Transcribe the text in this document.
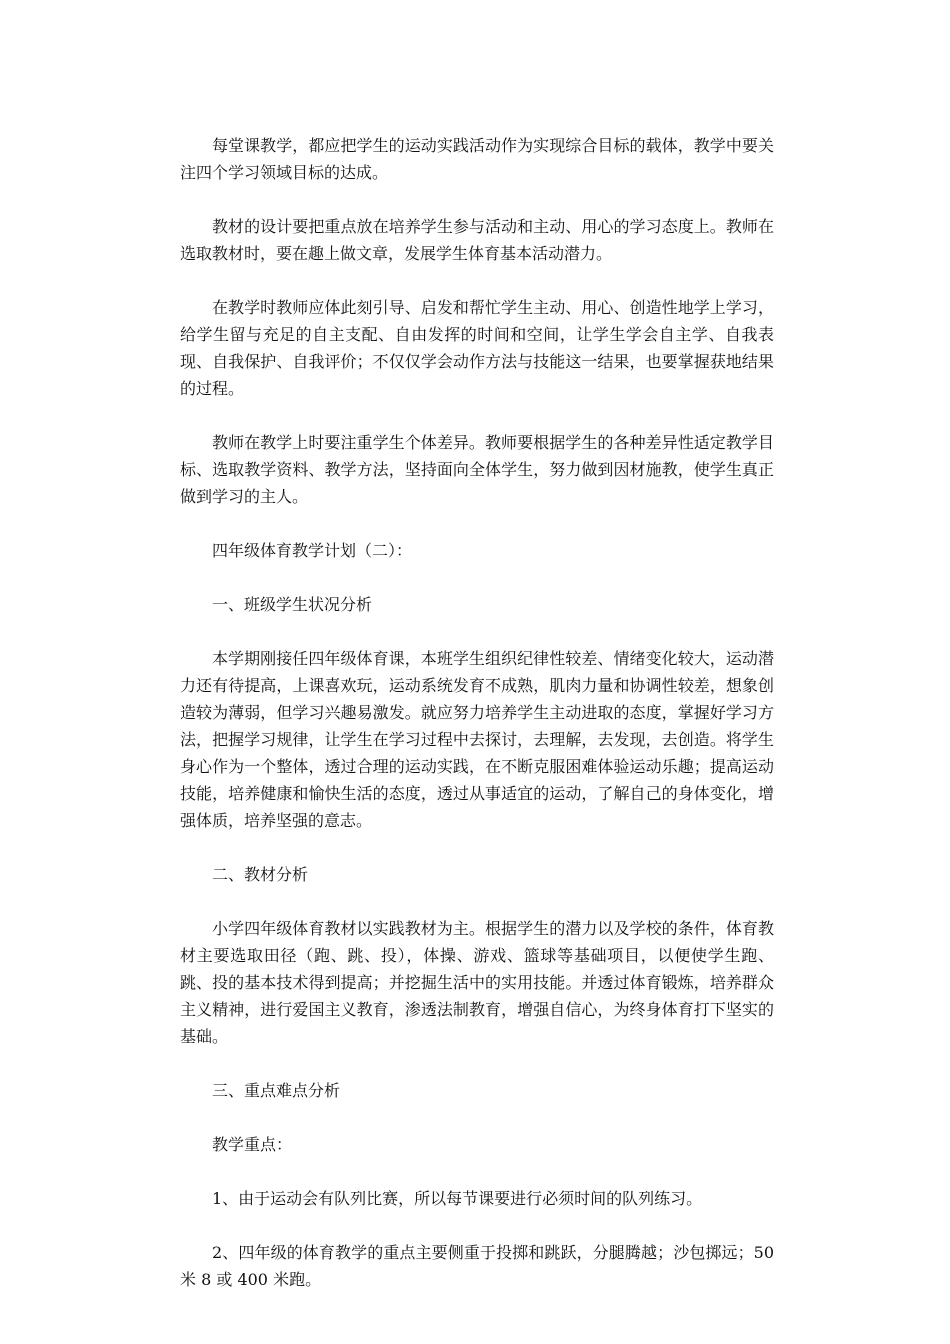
每堂课教学，都应把学生的运动实践活动作为实现综合目标的载体，教学中要关注四个学习领域目标的达成。

教材的设计要把重点放在培养学生参与活动和主动、用心的学习态度上。教师在选取教材时，要在趣上做文章，发展学生体育基本活动潜力。

在教学时教师应体此刻引导、启发和帮忙学生主动、用心、创造性地学上学习，给学生留与充足的自主支配、自由发挥的时间和空间，让学生学会自主学、自我表现、自我保护、自我评价；不仅仅学会动作方法与技能这一结果，也要掌握获地结果的过程。

教师在教学上时要注重学生个体差异。教师要根据学生的各种差异性适定教学目标、选取教学资料、教学方法，坚持面向全体学生，努力做到因材施教，使学生真正做到学习的主人。

四年级体育教学计划（二）：

一、班级学生状况分析

本学期刚接任四年级体育课，本班学生组织纪律性较差、情绪变化较大，运动潜力还有待提高，上课喜欢玩，运动系统发育不成熟，肌肉力量和协调性较差，想象创造较为薄弱，但学习兴趣易激发。就应努力培养学生主动进取的态度，掌握好学习方法，把握学习规律，让学生在学习过程中去探讨，去理解，去发现，去创造。将学生身心作为一个整体，透过合理的运动实践，在不断克服困难体验运动乐趣；提高运动技能，培养健康和愉快生活的态度，透过从事适宜的运动，了解自己的身体变化，增强体质，培养坚强的意志。

二、教材分析

小学四年级体育教材以实践教材为主。根据学生的潜力以及学校的条件，体育教材主要选取田径（跑、跳、投），体操、游戏、篮球等基础项目，以便使学生跑、跳、投的基本技术得到提高；并挖掘生活中的实用技能。并透过体育锻炼，培养群众主义精神，进行爱国主义教育，渗透法制教育，增强自信心，为终身体育打下坚实的基础。

三、重点难点分析

教学重点：

1、由于运动会有队列比赛，所以每节课要进行必须时间的队列练习。

2、四年级的体育教学的重点主要侧重于投掷和跳跃，分腿腾越；沙包掷远；50 米 8 或 400 米跑。
